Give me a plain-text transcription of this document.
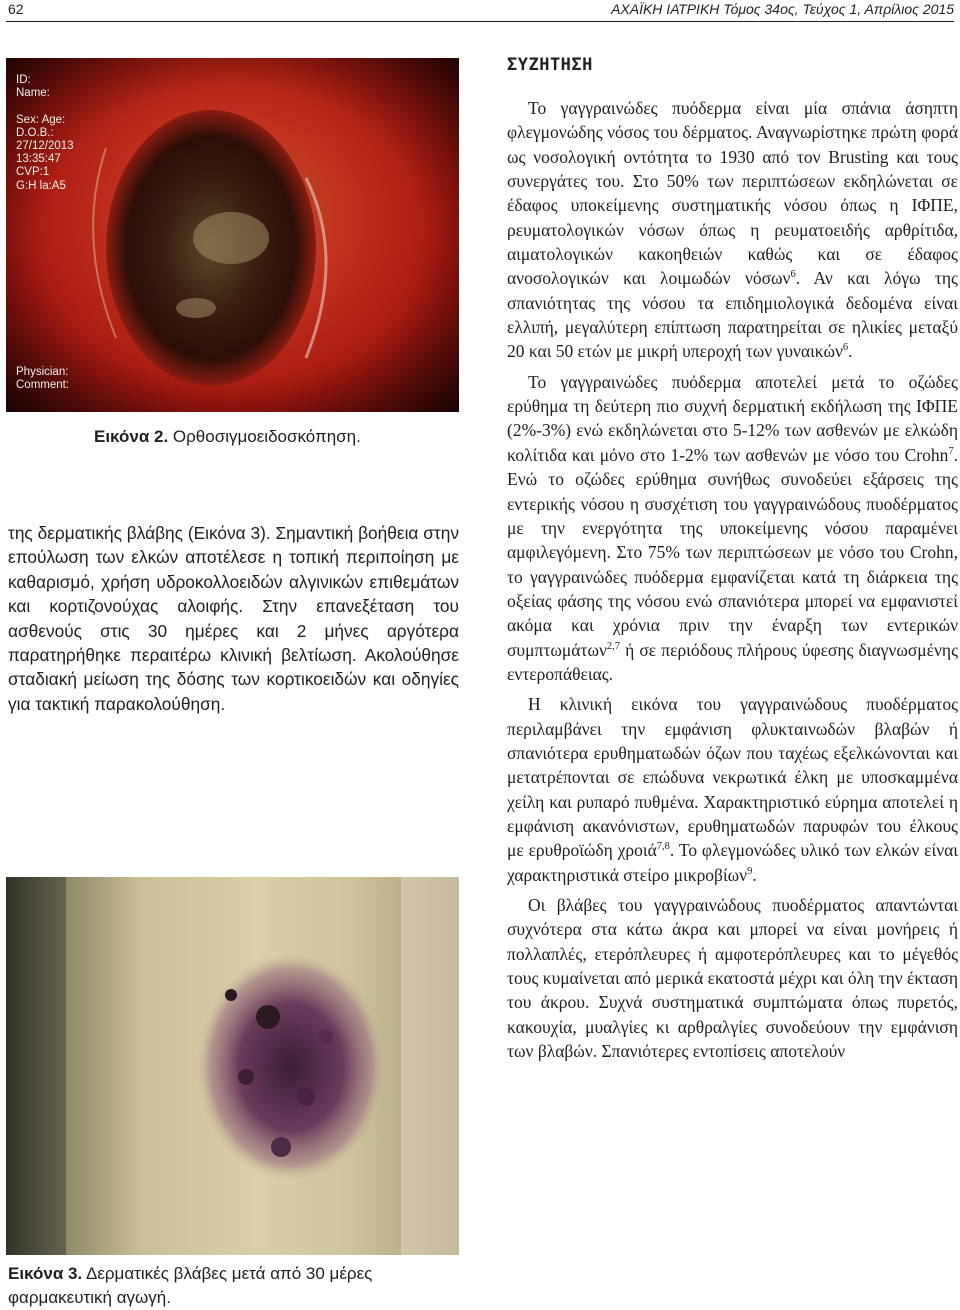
62	ΑΧΑΪΚΗ ΙΑΤΡΙΚΗ Τόμος 34ος, Τεύχος 1, Απρίλιος 2015
ID:
Name:

Sex: Age:
D.O.B.:
27/12/2013
13:35:47
CVP:1
G:H la:A5
Physician:
Comment:
Εικόνα 2. Ορθοσιγμοειδοσκόπηση.

της δερματικής βλάβης (Εικόνα 3). Σημαντική βοήθεια στην επούλωση των ελκών αποτέλεσε η τοπική περιποίηση με καθαρισμό, χρήση υδροκολλοειδών αλγινικών επιθεμάτων και κορτιζονούχας αλοιφής. Στην επανεξέταση του ασθενούς στις 30 ημέρες και 2 μήνες αργότερα παρατηρήθηκε περαιτέρω κλινική βελτίωση. Ακολούθησε σταδιακή μείωση της δόσης των κορτικοειδών και οδηγίες για τακτική παρακολούθηση.

Εικόνα 3. Δερματικές βλάβες μετά από 30 μέρες φαρμακευτική αγωγή.
ΣΥΖΗΤΗΣΗ

Το γαγγραινώδες πυόδερμα είναι μία σπάνια άσηπτη φλεγμονώδης νόσος του δέρματος. Αναγνωρίστηκε πρώτη φορά ως νοσολογική οντότητα το 1930 από τον Brusting και τους συνεργάτες του. Στο 50% των περιπτώσεων εκδηλώνεται σε έδαφος υποκείμενης συστηματικής νόσου όπως η ΙΦΠΕ, ρευματολογικών νόσων όπως η ρευματοειδής αρθρίτιδα, αιματολογικών κακοηθειών καθώς και σε έδαφος ανοσολογικών και λοιμωδών νόσων$^6$. Αν και λόγω της σπανιότητας της νόσου τα επιδημιολογικά δεδομένα είναι ελλιπή, μεγαλύτερη επίπτωση παρατηρείται σε ηλικίες μεταξύ 20 και 50 ετών με μικρή υπεροχή των γυναικών$^6$.

Το γαγγραινώδες πυόδερμα αποτελεί μετά το οζώδες ερύθημα τη δεύτερη πιο συχνή δερματική εκδήλωση της ΙΦΠΕ (2%-3%) ενώ εκδηλώνεται στο 5-12% των ασθενών με ελκώδη κολίτιδα και μόνο στο 1-2% των ασθενών με νόσο του Crohn$^7$. Ενώ το οζώδες ερύθημα συνήθως συνοδεύει εξάρσεις της εντερικής νόσου η συσχέτιση του γαγγραινώδους πυοδέρματος με την ενεργότητα της υποκείμενης νόσου παραμένει αμφιλεγόμενη. Στο 75% των περιπτώσεων με νόσο του Crohn, το γαγγραινώδες πυόδερμα εμφανίζεται κατά τη διάρκεια της οξείας φάσης της νόσου ενώ σπανιότερα μπορεί να εμφανιστεί ακόμα και χρόνια πριν την έναρξη των εντερικών συμπτωμάτων$^{2,7}$ ή σε περιόδους πλήρους ύφεσης διαγνωσμένης εντεροπάθειας.

Η κλινική εικόνα του γαγγραινώδους πυοδέρματος περιλαμβάνει την εμφάνιση φλυκταινωδών βλαβών ή σπανιότερα ερυθηματωδών όζων που ταχέως εξελκώνονται και μετατρέπονται σε επώδυνα νεκρωτικά έλκη με υποσκαμμένα χείλη και ρυπαρό πυθμένα. Χαρακτηριστικό εύρημα αποτελεί η εμφάνιση ακανόνιστων, ερυθηματωδών παρυφών του έλκους με ερυθροϊώδη χροιά$^{7,8}$. Το φλεγμονώδες υλικό των ελκών είναι χαρακτηριστικά στείρο μικροβίων$^9$.

Οι βλάβες του γαγγραινώδους πυοδέρματος απαντώνται συχνότερα στα κάτω άκρα και μπορεί να είναι μονήρεις ή πολλαπλές, ετερόπλευρες ή αμφοτερόπλευρες και το μέγεθός τους κυμαίνεται από μερικά εκατοστά μέχρι και όλη την έκταση του άκρου. Συχνά συστηματικά συμπτώματα όπως πυρετός, κακουχία, μυαλγίες κι αρθραλγίες συνοδεύουν την εμφάνιση των βλαβών. Σπανιότερες εντοπίσεις αποτελούν
